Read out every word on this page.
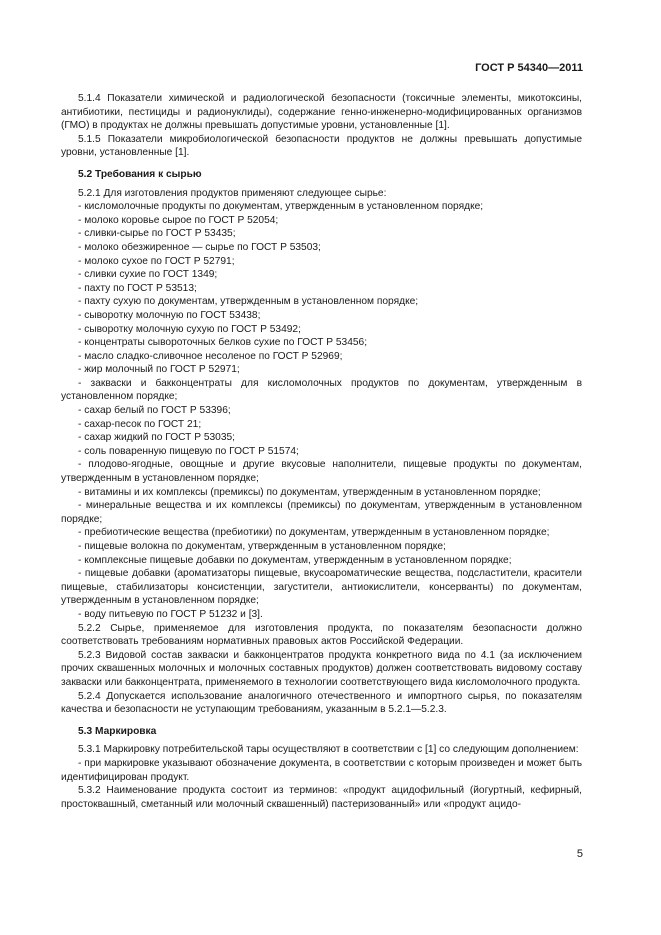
ГОСТ Р 54340—2011

5.1.4 Показатели химической и радиологической безопасности (токсичные элементы, микотоксины, антибиотики, пестициды и радионуклиды), содержание генно-инженерно-модифицированных организмов (ГМО) в продуктах не должны превышать допустимые уровни, установленные [1].

5.1.5 Показатели микробиологической безопасности продуктов не должны превышать допустимые уровни, установленные [1].

5.2 Требования к сырью

5.2.1 Для изготовления продуктов применяют следующее сырье:

- кисломолочные продукты по документам, утвержденным в установленном порядке;

- молоко коровье сырое по ГОСТ Р 52054;

- сливки-сырье по ГОСТ Р 53435;

- молоко обезжиренное — сырье по ГОСТ Р 53503;

- молоко сухое по ГОСТ Р 52791;

- сливки сухие по ГОСТ 1349;

- пахту по ГОСТ Р 53513;

- пахту сухую по документам, утвержденным в установленном порядке;

- сыворотку молочную по ГОСТ 53438;

- сыворотку молочную сухую по ГОСТ Р 53492;

- концентраты сывороточных белков сухие по ГОСТ Р 53456;

- масло сладко-сливочное несоленое по ГОСТ Р 52969;

- жир молочный по ГОСТ Р 52971;

- закваски и бакконцентраты для кисломолочных продуктов по документам, утвержденным в установленном порядке;

- сахар белый по ГОСТ Р 53396;

- сахар-песок по ГОСТ 21;

- сахар жидкий по ГОСТ Р 53035;

- соль поваренную пищевую по ГОСТ Р 51574;

- плодово-ягодные, овощные и другие вкусовые наполнители, пищевые продукты по документам, утвержденным в установленном порядке;

- витамины и их комплексы (премиксы) по документам, утвержденным в установленном порядке;

- минеральные вещества и их комплексы (премиксы) по документам, утвержденным в установленном порядке;

- пребиотические вещества (пребиотики) по документам, утвержденным в установленном порядке;

- пищевые волокна по документам, утвержденным в установленном порядке;

- комплексные пищевые добавки по документам, утвержденным в установленном порядке;

- пищевые добавки (ароматизаторы пищевые, вкусоароматические вещества, подсластители, красители пищевые, стабилизаторы консистенции, загустители, антиокислители, консерванты) по документам, утвержденным в установленном порядке;

- воду питьевую по ГОСТ Р 51232 и [3].

5.2.2 Сырье, применяемое для изготовления продукта, по показателям безопасности должно соответствовать требованиям нормативных правовых актов Российской Федерации.

5.2.3 Видовой состав закваски и бакконцентратов продукта конкретного вида по 4.1 (за исключением прочих сквашенных молочных и молочных составных продуктов) должен соответствовать видовому составу закваски или бакконцентрата, применяемого в технологии соответствующего вида кисломолочного продукта.

5.2.4 Допускается использование аналогичного отечественного и импортного сырья, по показателям качества и безопасности не уступающим требованиям, указанным в 5.2.1—5.2.3.

5.3 Маркировка

5.3.1 Маркировку потребительской тары осуществляют в соответствии с [1] со следующим дополнением:

- при маркировке указывают обозначение документа, в соответствии с которым произведен и может быть идентифицирован продукт.

5.3.2 Наименование продукта состоит из терминов: «продукт ацидофильный (йогуртный, кефирный, простоквашный, сметанный или молочный сквашенный) пастеризованный» или «продукт ацидо-

5
